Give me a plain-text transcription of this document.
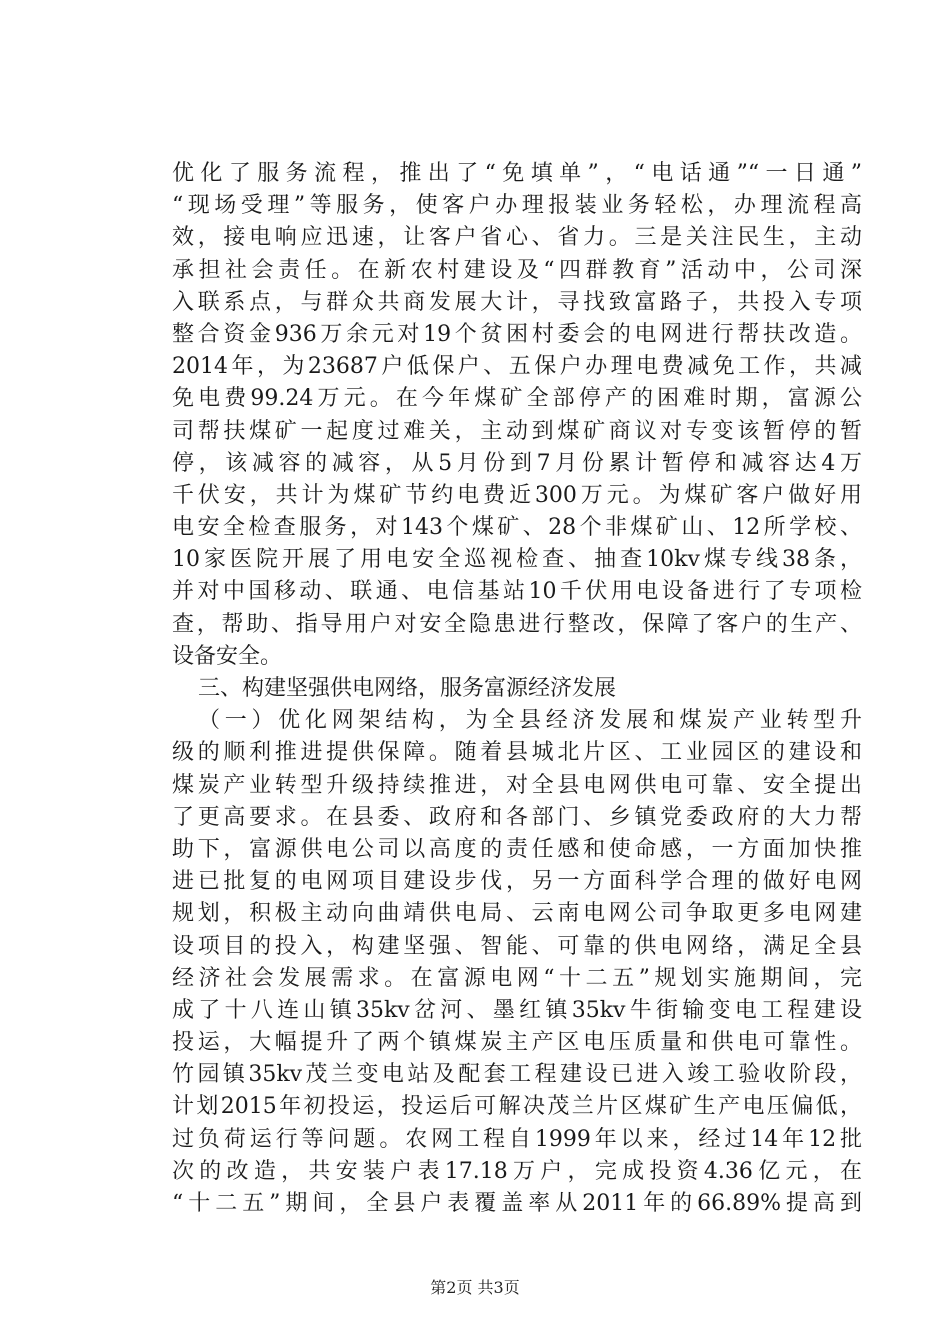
优化了服务流程，推出了“免填单”，“电话通”“一日通”
“现场受理”等服务，使客户办理报装业务轻松，办理流程高
效，接电响应迅速，让客户省心、省力。三是关注民生，主动
承担社会责任。在新农村建设及“四群教育”活动中，公司深
入联系点，与群众共商发展大计，寻找致富路子，共投入专项
整合资金936万余元对19个贫困村委会的电网进行帮扶改造。
2014年，为23687户低保户、五保户办理电费减免工作，共减
免电费99.24万元。在今年煤矿全部停产的困难时期，富源公
司帮扶煤矿一起度过难关，主动到煤矿商议对专变该暂停的暂
停，该减容的减容，从5月份到7月份累计暂停和减容达4万
千伏安，共计为煤矿节约电费近300万元。为煤矿客户做好用
电安全检查服务，对143个煤矿、28个非煤矿山、12所学校、
10家医院开展了用电安全巡视检查、抽查10kv煤专线38条，
并对中国移动、联通、电信基站10千伏用电设备进行了专项检
查，帮助、指导用户对安全隐患进行整改，保障了客户的生产、
设备安全。
三、构建坚强供电网络，服务富源经济发展
（一）优化网架结构，为全县经济发展和煤炭产业转型升
级的顺利推进提供保障。随着县城北片区、工业园区的建设和
煤炭产业转型升级持续推进，对全县电网供电可靠、安全提出
了更高要求。在县委、政府和各部门、乡镇党委政府的大力帮
助下，富源供电公司以高度的责任感和使命感，一方面加快推
进已批复的电网项目建设步伐，另一方面科学合理的做好电网
规划，积极主动向曲靖供电局、云南电网公司争取更多电网建
设项目的投入，构建坚强、智能、可靠的供电网络，满足全县
经济社会发展需求。在富源电网“十二五”规划实施期间，完
成了十八连山镇35kv岔河、墨红镇35kv牛街输变电工程建设
投运，大幅提升了两个镇煤炭主产区电压质量和供电可靠性。
竹园镇35kv茂兰变电站及配套工程建设已进入竣工验收阶段，
计划2015年初投运，投运后可解决茂兰片区煤矿生产电压偏低，
过负荷运行等问题。农网工程自1999年以来，经过14年12批
次的改造，共安装户表17.18万户，完成投资4.36亿元，在
“十二五”期间，全县户表覆盖率从2011年的66.89%提高到
第2页 共3页
